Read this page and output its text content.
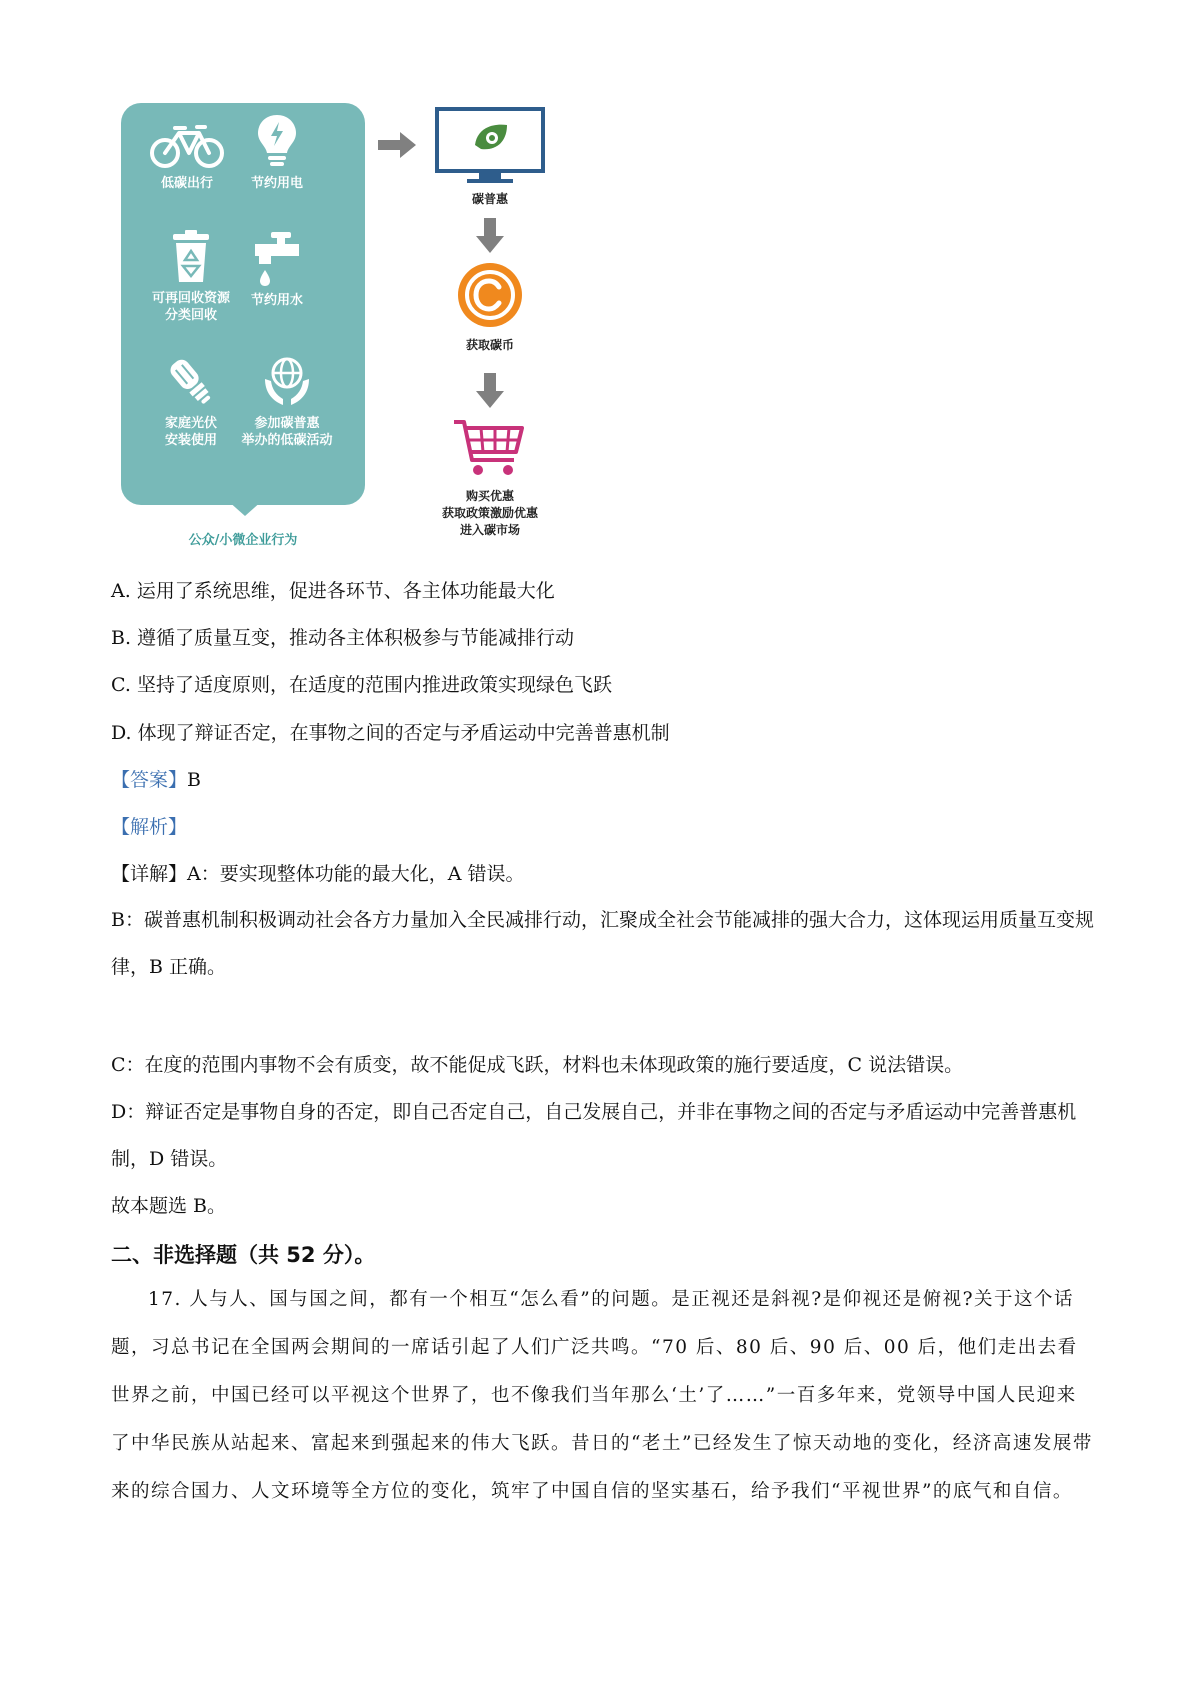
低碳出行	节约用电
可再回收资源
分类回收
节约用水
家庭光伏
安装使用
参加碳普惠
举办的低碳活动
公众/小微企业行为
碳普惠
获取碳币
购买优惠
获取政策激励优惠
进入碳市场
A. 运用了系统思维，促进各环节、各主体功能最大化
B. 遵循了质量互变，推动各主体积极参与节能减排行动
C. 坚持了适度原则，在适度的范围内推进政策实现绿色飞跃
D. 体现了辩证否定，在事物之间的否定与矛盾运动中完善普惠机制
【答案】B
【解析】
【详解】A：要实现整体功能的最大化，A 错误。
B：碳普惠机制积极调动社会各方力量加入全民减排行动，汇聚成全社会节能减排的强大合力，这体现运用质量互变规律，B 正确。
C：在度的范围内事物不会有质变，故不能促成飞跃，材料也未体现政策的施行要适度，C 说法错误。
D：辩证否定是事物自身的否定，即自己否定自己，自己发展自己，并非在事物之间的否定与矛盾运动中完善普惠机制，D 错误。
故本题选 B。
二、非选择题（共 52 分）。
17. 人与人、国与国之间，都有一个相互“怎么看”的问题。是正视还是斜视?是仰视还是俯视?关于这个话题，习总书记在全国两会期间的一席话引起了人们广泛共鸣。“70 后、80 后、90 后、00 后，他们走出去看世界之前，中国已经可以平视这个世界了，也不像我们当年那么‘土’了……”一百多年来，党领导中国人民迎来了中华民族从站起来、富起来到强起来的伟大飞跃。昔日的“老土”已经发生了惊天动地的变化，经济高速发展带来的综合国力、人文环境等全方位的变化，筑牢了中国自信的坚实基石，给予我们“平视世界”的底气和自信。
